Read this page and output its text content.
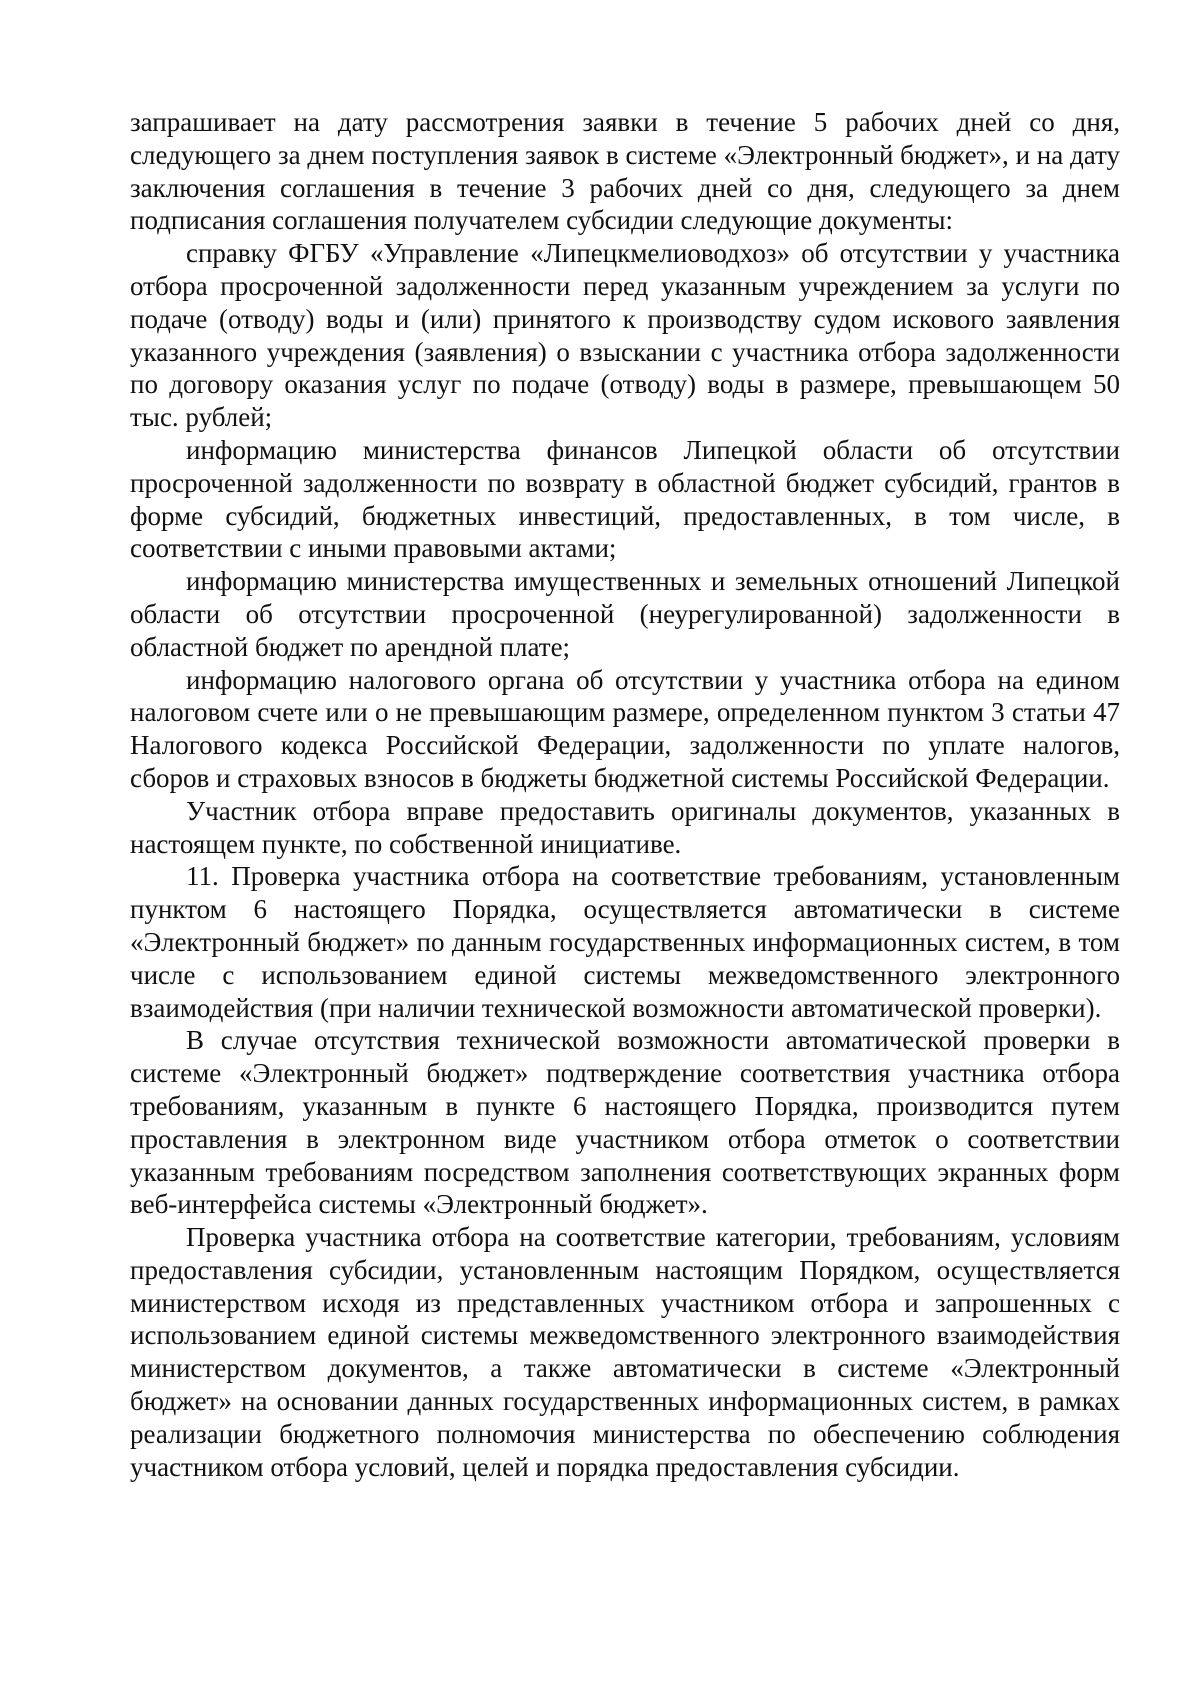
запрашивает на дату рассмотрения заявки в течение 5 рабочих дней со дня, следующего за днем поступления заявок в системе «Электронный бюджет», и на дату заключения соглашения в течение 3 рабочих дней со дня, следующего за днем подписания соглашения получателем субсидии следующие документы:

справку ФГБУ «Управление «Липецкмелиоводхоз» об отсутствии у участника отбора просроченной задолженности перед указанным учреждением за услуги по подаче (отводу) воды и (или) принятого к производству судом искового заявления указанного учреждения (заявления) о взыскании с участника отбора задолженности по договору оказания услуг по подаче (отводу) воды в размере, превышающем 50 тыс. рублей;

информацию министерства финансов Липецкой области об отсутствии просроченной задолженности по возврату в областной бюджет субсидий, грантов в форме субсидий, бюджетных инвестиций, предоставленных, в том числе, в соответствии с иными правовыми актами;

информацию министерства имущественных и земельных отношений Липецкой области об отсутствии просроченной (неурегулированной) задолженности в областной бюджет по арендной плате;

информацию налогового органа об отсутствии у участника отбора на едином налоговом счете или о не превышающим размере, определенном пунктом 3 статьи 47 Налогового кодекса Российской Федерации, задолженности по уплате налогов, сборов и страховых взносов в бюджеты бюджетной системы Российской Федерации.

Участник отбора вправе предоставить оригиналы документов, указанных в настоящем пункте, по собственной инициативе.

11. Проверка участника отбора на соответствие требованиям, установленным пунктом 6 настоящего Порядка, осуществляется автоматически в системе «Электронный бюджет» по данным государственных информационных систем, в том числе с использованием единой системы межведомственного электронного взаимодействия (при наличии технической возможности автоматической проверки).

В случае отсутствия технической возможности автоматической проверки в системе «Электронный бюджет» подтверждение соответствия участника отбора требованиям, указанным в пункте 6 настоящего Порядка, производится путем проставления в электронном виде участником отбора отметок о соответствии указанным требованиям посредством заполнения соответствующих экранных форм веб-интерфейса системы «Электронный бюджет».

Проверка участника отбора на соответствие категории, требованиям, условиям предоставления субсидии, установленным настоящим Порядком, осуществляется министерством исходя из представленных участником отбора и запрошенных с использованием единой системы межведомственного электронного взаимодействия министерством документов, а также автоматически в системе «Электронный бюджет» на основании данных государственных информационных систем, в рамках реализации бюджетного полномочия министерства по обеспечению соблюдения участником отбора условий, целей и порядка предоставления субсидии.
